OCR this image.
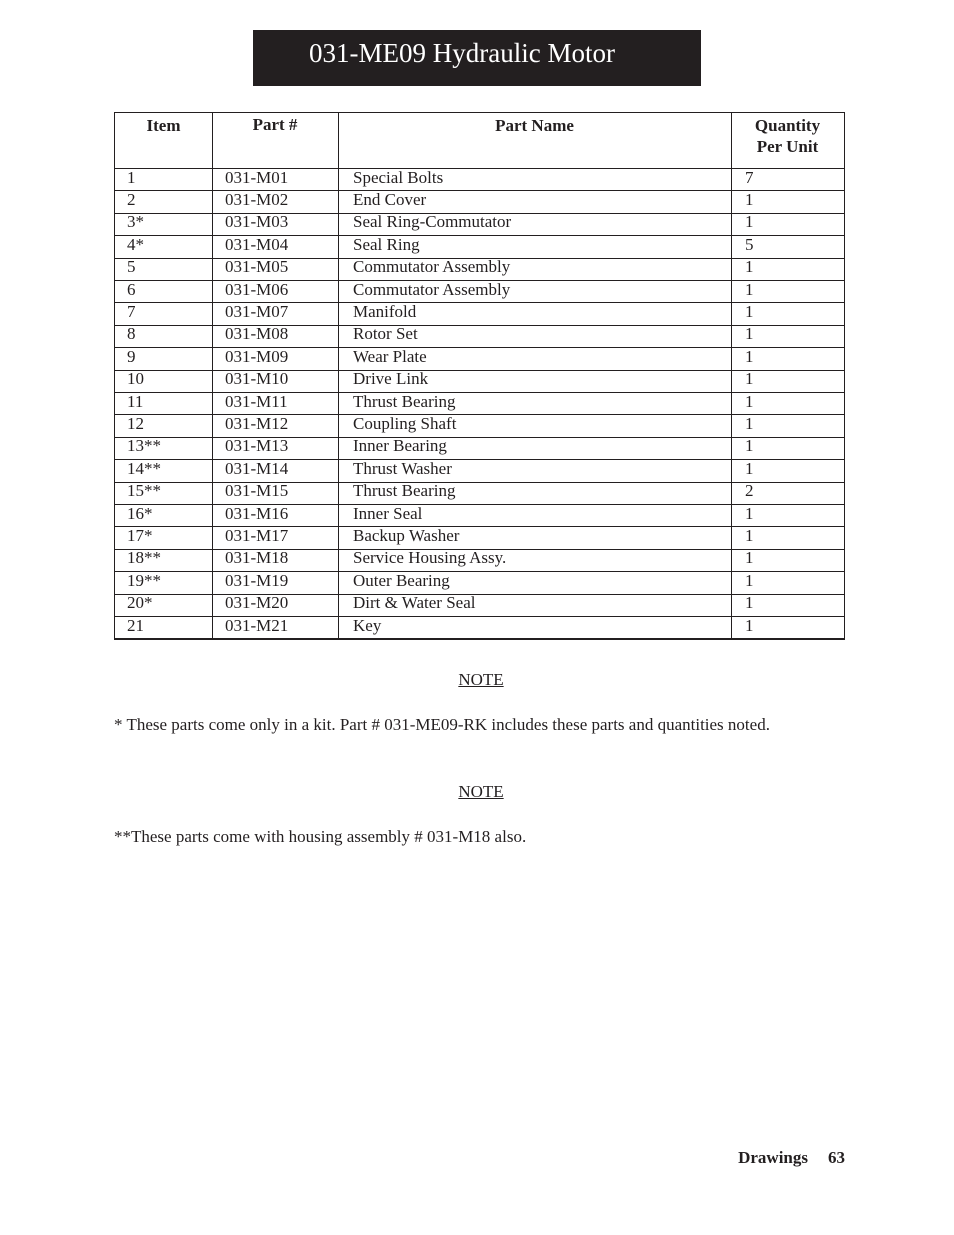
031-ME09 Hydraulic Motor
Item	Part #	Part Name	Quantity
Per Unit
1	031-M01	Special Bolts	7
2	031-M02	End Cover	1
3*	031-M03	Seal Ring-Commutator	1
4*	031-M04	Seal Ring	5
5	031-M05	Commutator Assembly	1
6	031-M06	Commutator Assembly	1
7	031-M07	Manifold	1
8	031-M08	Rotor Set	1
9	031-M09	Wear Plate	1
10	031-M10	Drive Link	1
11	031-M11	Thrust Bearing	1
12	031-M12	Coupling Shaft	1
13**	031-M13	Inner Bearing	1
14**	031-M14	Thrust Washer	1
15**	031-M15	Thrust Bearing	2
16*	031-M16	Inner Seal	1
17*	031-M17	Backup Washer	1
18**	031-M18	Service Housing Assy.	1
19**	031-M19	Outer Bearing	1
20*	031-M20	Dirt & Water Seal	1
21	031-M21	Key	1
NOTE
* These parts come only in a kit. Part # 031-ME09-RK includes these parts and quantities noted.
NOTE
**These parts come with housing assembly # 031-M18 also.
Drawings 63
